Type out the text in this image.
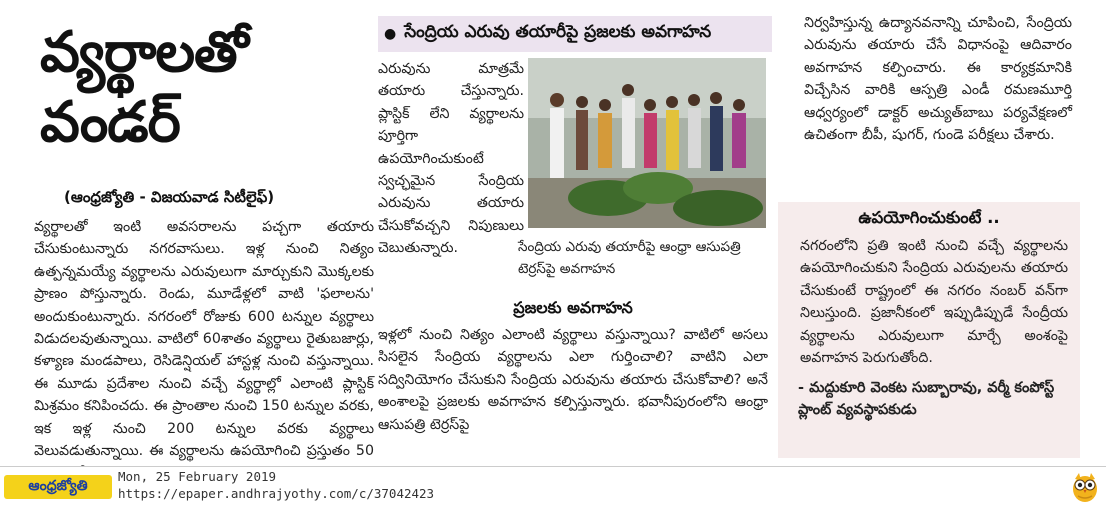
వ్యర్థాలతో వండర్
(ఆంధ్రజ్యోతి - విజయవాడ సిటీలైఫ్)

వ్యర్థాలతో ఇంటి అవసరాలను పచ్చగా తయారు చేసుకుంటున్నారు నగరవాసులు. ఇళ్ల నుంచి నిత్యం ఉత్పన్నమయ్యే వ్యర్థాలను ఎరువులుగా మార్చుకుని మొక్కలకు ప్రాణం పోస్తున్నారు. రెండు, మూడేళ్లలో వాటి 'ఫలాలను' అందుకుంటున్నారు. నగరంలో రోజుకు 600 టన్నుల వ్యర్థాలు విడుదలవుతున్నాయి. వాటిలో 60శాతం వ్యర్థాలు రైతుబజార్లు, కళ్యాణ మండపాలు, రెసిడెన్షియల్ హాస్టళ్ల నుంచి వస్తున్నాయి. ఈ మూడు ప్రదేశాల నుంచి వచ్చే వ్యర్థాల్లో ఎలాంటి ప్లాస్టిక్ మిశ్రమం కనిపించదు. ఈ ప్రాంతాల నుంచి 150 టన్నుల వరకు, ఇక ఇళ్ల నుంచి 200 టన్నుల వరకు వ్యర్థాలు వెలువడుతున్నాయి. ఈ వ్యర్థాలను ఉపయోగించి ప్రస్తుతం 50

● సేంద్రియ ఎరువు తయారీపై ప్రజలకు అవగాహన

ఎరువును మాత్రమే తయారు చేస్తున్నారు. ప్లాస్టిక్ లేని వ్యర్థాలను పూర్తిగా ఉపయోగించుకుంటే స్వచ్ఛమైన సేంద్రియ ఎరువును తయారు చేసుకోవచ్చని నిపుణులు చెబుతున్నారు.	సేంద్రియ ఎరువు తయారీపై ఆంధ్రా ఆసుపత్రి టెర్రస్‌పై అవగాహన
ప్రజలకు అవగాహన

ఇళ్లలో నుంచి నిత్యం ఎలాంటి వ్యర్థాలు వస్తున్నాయి? వాటిలో అసలు సిసలైన సేంద్రియ వ్యర్థాలను ఎలా గుర్తించాలి? వాటిని ఎలా సద్వినియోగం చేసుకుని సేంద్రియ ఎరువును తయారు చేసుకోవాలి? అనే అంశాలపై ప్రజలకు అవగాహన కల్పిస్తున్నారు. భవానీపురంలోని ఆంధ్రా ఆసుపత్రి టెర్రస్‌పై

నిర్వహిస్తున్న ఉద్యానవనాన్ని చూపించి, సేంద్రియ ఎరువును తయారు చేసే విధానంపై ఆదివారం అవగాహన కల్పించారు. ఈ కార్యక్రమానికి విచ్చేసిన వారికి ఆస్పత్రి ఎండీ రమణమూర్తి ఆధ్వర్యంలో డాక్టర్ అచ్యుత్‌బాబు పర్యవేక్షణలో ఉచితంగా బీపీ, షుగర్, గుండె పరీక్షలు చేశారు.

ఉపయోగించుకుంటే ..

నగరంలోని ప్రతి ఇంటి నుంచి వచ్చే వ్యర్థాలను ఉపయోగించుకుని సేంద్రియ ఎరువులను తయారు చేసుకుంటే రాష్ట్రంలో ఈ నగరం నంబర్ వన్‌గా నిలుస్తుంది. ప్రజానీకంలో ఇప్పుడిప్పుడే సేంద్రీయ వ్యర్థాలను ఎరువులుగా మార్చే అంశంపై అవగాహన పెరుగుతోంది.

- మద్దుకూరి వెంకట సుబ్బారావు, వర్మీ కంపోస్ట్ ప్లాంట్ వ్యవస్థాపకుడు
ఆంధ్రజ్యోతి
Mon, 25 February 2019
https://epaper.andhrajyothy.com/c/37042423
